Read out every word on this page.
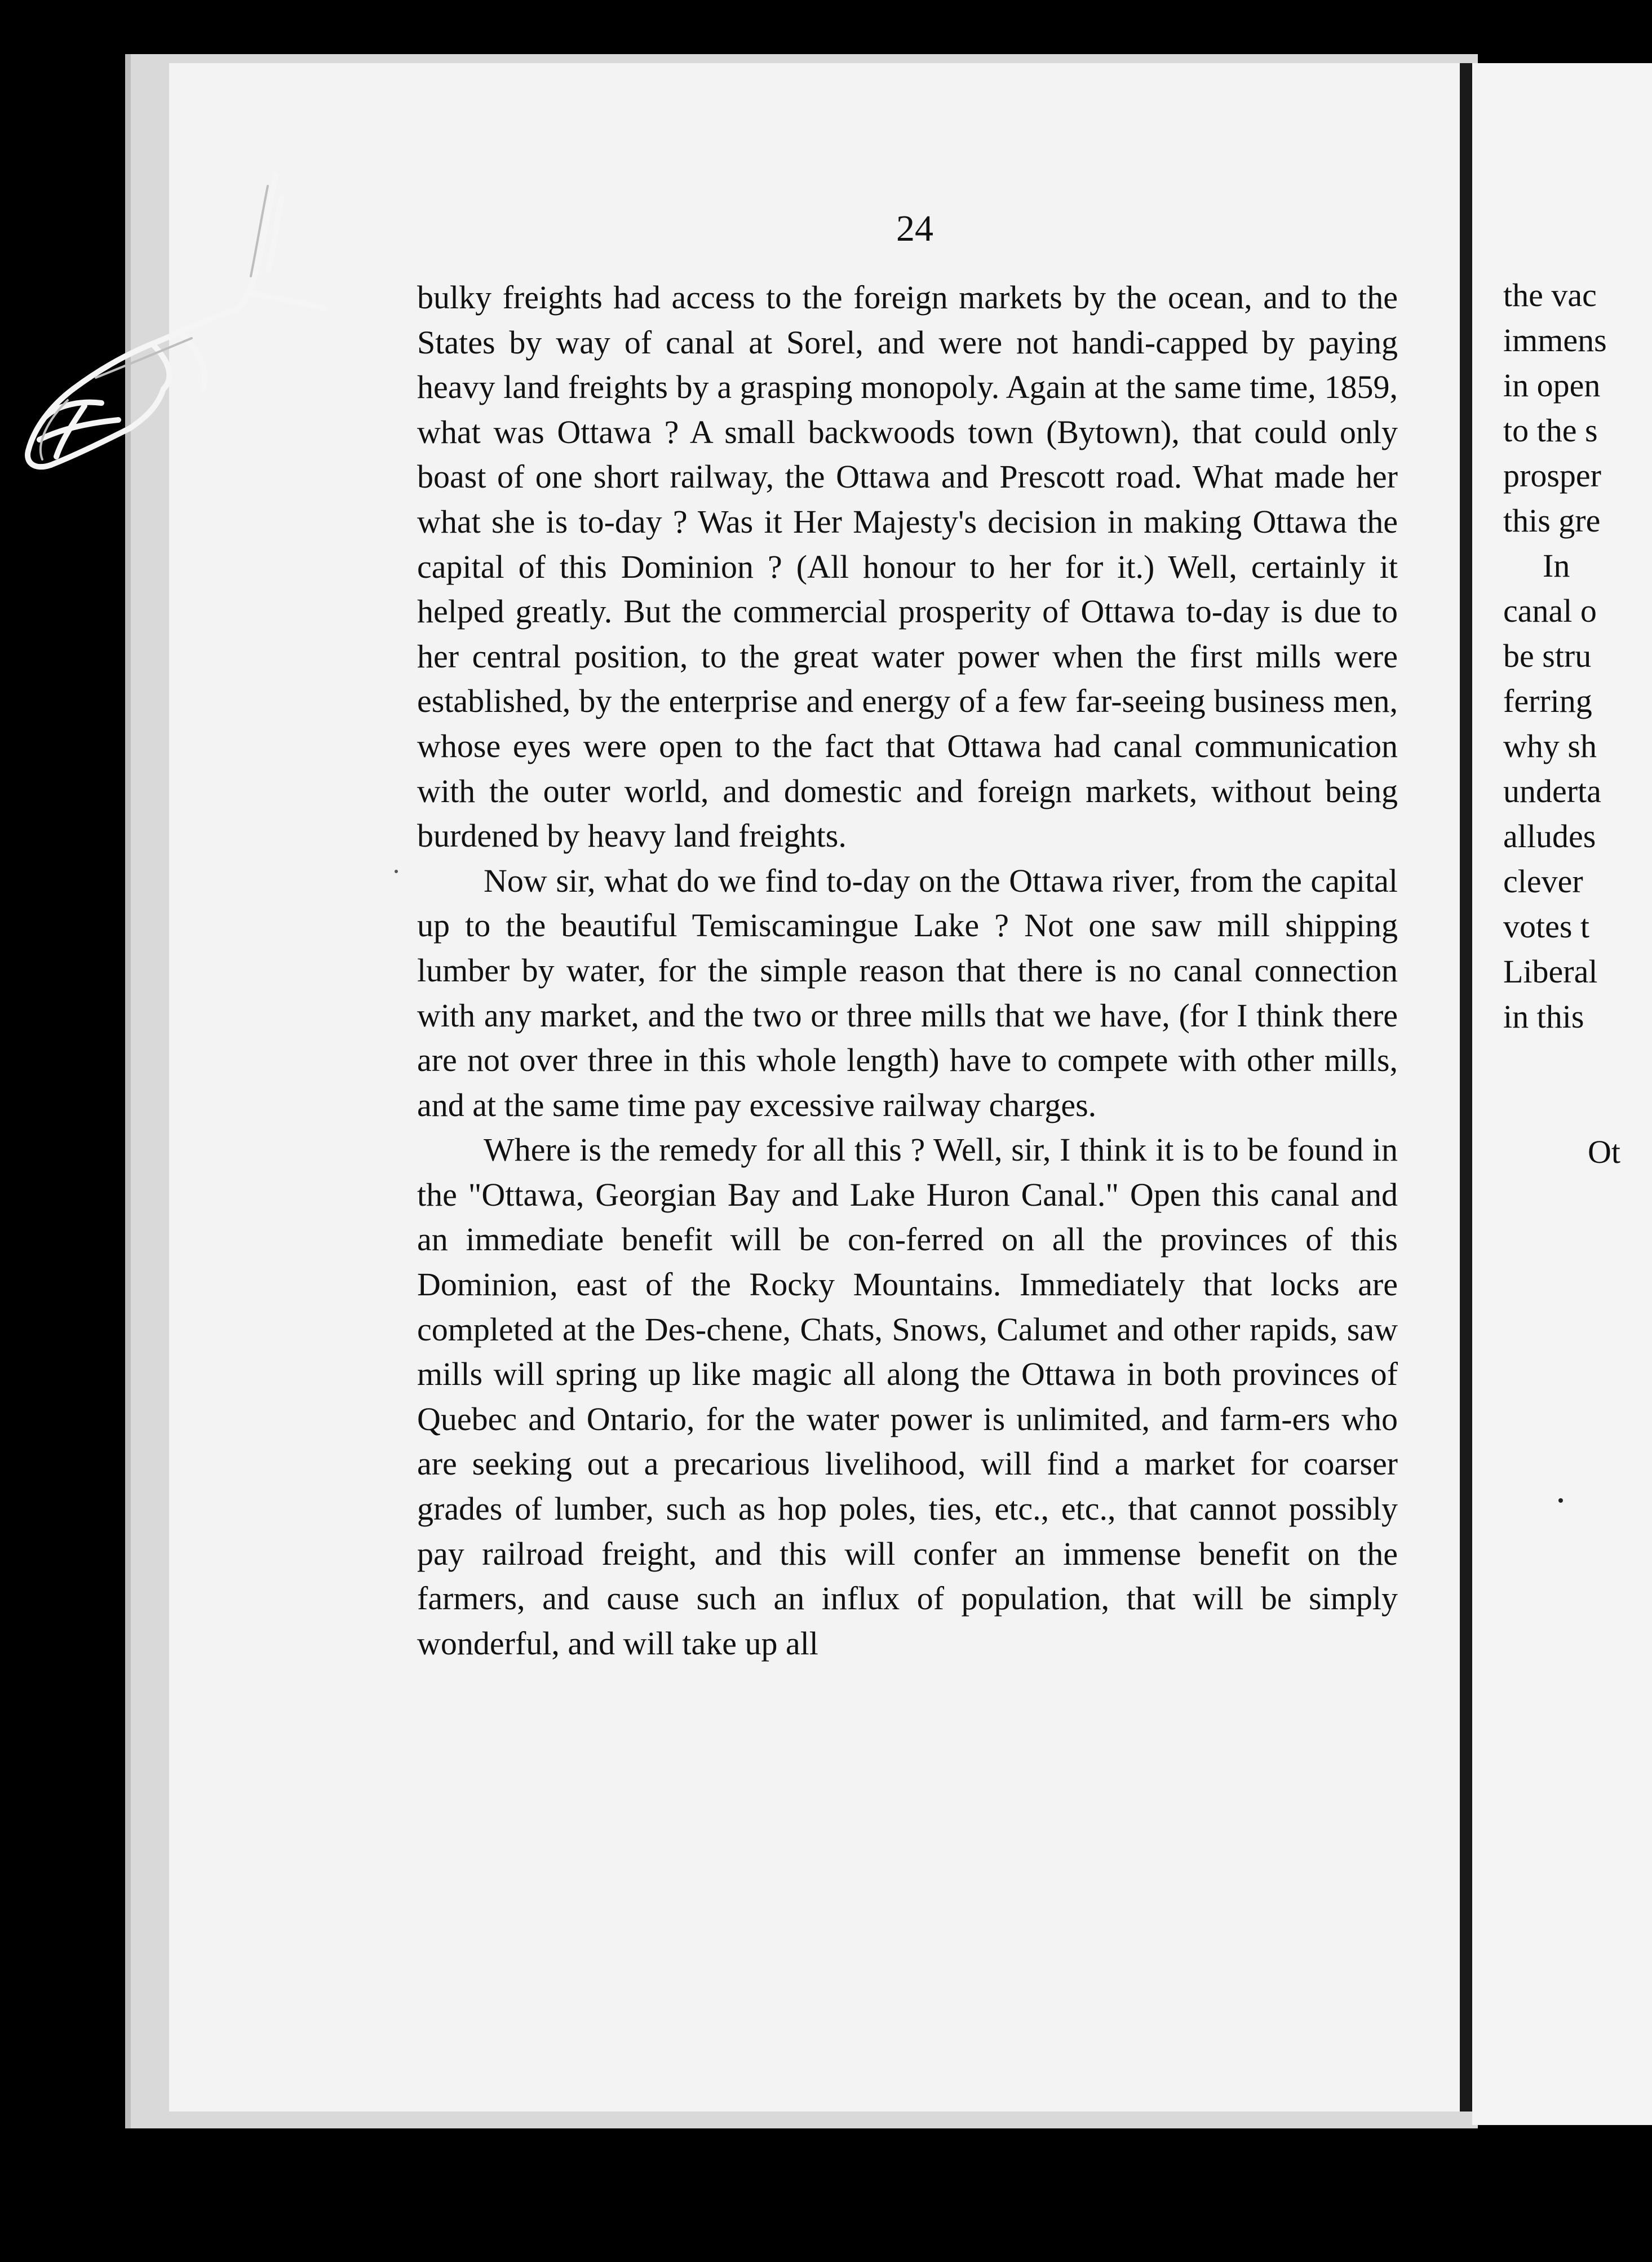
24

bulky freights had access to the foreign markets by the ocean, and to the States by way of canal at Sorel, and were not handi-capped by paying heavy land freights by a grasping monopoly. Again at the same time, 1859, what was Ottawa ? A small backwoods town (Bytown), that could only boast of one short railway, the Ottawa and Prescott road. What made her what she is to-day ? Was it Her Majesty's decision in making Ottawa the capital of this Dominion ? (All honour to her for it.) Well, certainly it helped greatly. But the commercial prosperity of Ottawa to-day is due to her central position, to the great water power when the first mills were established, by the enterprise and energy of a few far-seeing business men, whose eyes were open to the fact that Ottawa had canal communication with the outer world, and domestic and foreign markets, without being burdened by heavy land freights.

Now sir, what do we find to-day on the Ottawa river, from the capital up to the beautiful Temiscamingue Lake ? Not one saw mill shipping lumber by water, for the simple reason that there is no canal connection with any market, and the two or three mills that we have, (for I think there are not over three in this whole length) have to compete with other mills, and at the same time pay excessive railway charges.

Where is the remedy for all this ? Well, sir, I think it is to be found in the "Ottawa, Georgian Bay and Lake Huron Canal." Open this canal and an immediate benefit will be con-ferred on all the provinces of this Dominion, east of the Rocky Mountains. Immediately that locks are completed at the Des-chene, Chats, Snows, Calumet and other rapids, saw mills will spring up like magic all along the Ottawa in both provinces of Quebec and Ontario, for the water power is unlimited, and farm-ers who are seeking out a precarious livelihood, will find a market for coarser grades of lumber, such as hop poles, ties, etc., etc., that cannot possibly pay railroad freight, and this will confer an immense benefit on the farmers, and cause such an influx of population, that will be simply wonderful, and will take up all

the vac
immens
in open
to the s
prosper
this gre
In
canal o
be stru
ferring
why sh
underta
alludes
clever
votes t
Liberal
in this
Ot
